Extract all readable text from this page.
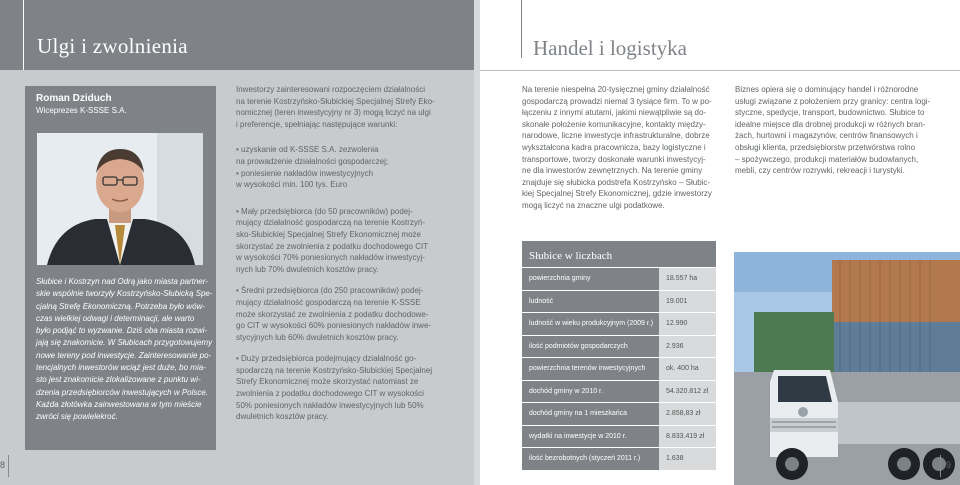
Ulgi i zwolnienia
Roman Dziduch
Wiceprezes K-SSSE S.A.
Słubice i Kostrzyn nad Odrą jako miasta partner-
skie wspólnie tworzyły Kostrzyńsko-Słubicką Spe-
cjalną Strefę Ekonomiczną. Potrzeba było wów-
czas wielkiej odwagi i determinacji, ale warto
było podjąć to wyzwanie. Dziś oba miasta rozwi-
jają się znakomicie. W Słubicach przygotowujemy
nowe tereny pod inwestycje. Zainteresowanie po-
tencjalnych inwestorów wciąż jest duże, bo mia-
sto jest znakomicie zlokalizowane z punktu wi-
dzenia przedsiębiorców inwestujących w Polsce.
Każda złotówka zainwestowana w tym mieście
zwróci się powielekroć.
Inwestorzy zainteresowani rozpoczęciem działalności
na terenie Kostrzyńsko-Słubickiej Specjalnej Strefy Eko-
nomicznej (teren inwestycyjny nr 3) mogą liczyć na ulgi
i preferencje, spełniając następujące warunki:
• uzyskanie od K-SSSE S.A. zezwolenia
na prowadzenie działalności gospodarczej;
• poniesienie nakładów inwestycyjnych
w wysokości min. 100 tys. Euro
• Mały przedsiębiorca (do 50 pracowników) podej-
mujący działalność gospodarczą na terenie Kostrzyń-
sko-Słubickiej Specjalnej Strefy Ekonomicznej może
skorzystać ze zwolnienia z podatku dochodowego CIT
w wysokości 70% poniesionych nakładów inwestycyj-
nych lub 70% dwuletnich kosztów pracy.
• Średni przedsiębiorca (do 250 pracowników) podej-
mujący działalność gospodarczą na terenie K-SSSE
może skorzystać ze zwolnienia z podatku dochodowe-
go CIT w wysokości 60% poniesionych nakładów inwe-
stycyjnych lub 60% dwuletnich kosztów pracy.
• Duży przedsiębiorca podejmujący działalność go-
spodarczą na terenie Kostrzyńsko-Słubickiej Specjalnej
Strefy Ekonomicznej może skorzystać natomiast ze
zwolnienia z podatku dochodowego CIT w wysokości
50% poniesionych nakładów inwestycyjnych lub 50%
dwuletnich kosztów pracy.
8
Handel i logistyka
Na terenie niespełna 20-tysięcznej gminy działalność
gospodarczą prowadzi niemal 3 tysiące firm. To w po-
łączeniu z innymi atutami, jakimi niewątpliwie są do-
skonałe położenie komunikacyjne, kontakty między-
narodowe, liczne inwestycje infrastrukturalne, dobrze
wykształcona kadra pracownicza, bazy logistyczne i
transportowe, tworzy doskonałe warunki inwestycyj-
ne dla inwestorów zewnętrznych. Na terenie gminy
znajduje się słubicka podstrefa Kostrzyńsko – Słubic-
kiej Specjalnej Strefy Ekonomicznej, gdzie inwestorzy
mogą liczyć na znaczne ulgi podatkowe.
Biznes opiera się o dominujący handel i różnorodne
usługi związane z położeniem przy granicy: centra logi-
styczne, spedycje, transport, budownictwo. Słubice to
idealne miejsce dla drobnej produkcji w różnych bran-
żach, hurtowni i magazynów, centrów finansowych i
obsługi klienta, przedsiębiorstw przetwórstwa rolno
– spożywczego, produkcji materiałów budowlanych,
mebli, czy centrów rozrywki, rekreacji i turystyki.
Słubice w liczbach
powierzchnia gminy	18.557 ha
ludność	19.001
ludność w wieku produkcyjnym (2009 r.)	12.990
ilość podmiotów gospodarczych	2.936
powierzchnia terenów inwestycyjnych	ok. 400 ha
dochód gminy w 2010 r.	54.320.812 zł
dochód gminy na 1 mieszkańca	2.858,83 zł
wydatki na inwestycje w 2010 r.	8.833.419 zł
ilość bezrobotnych (styczeń 2011 r.)	1.638
9
